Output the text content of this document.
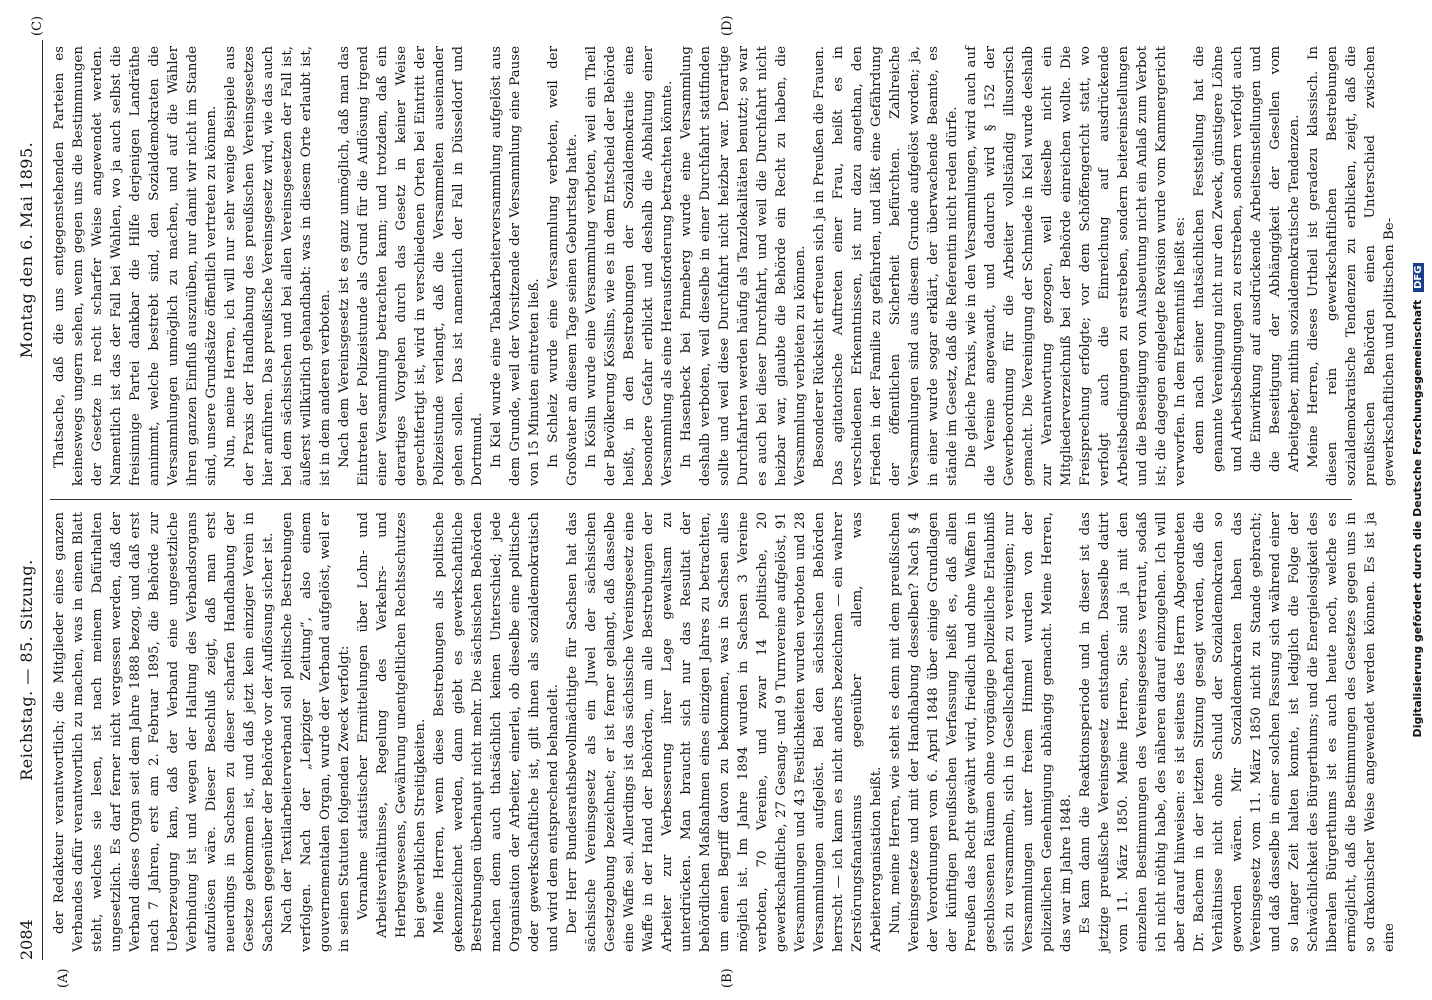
2084
Reichstag. — 85. Sitzung.
Montag den 6. Mai 1895.
(A)	(B)
(C)	(D)

der Redakteur verantwortlich; die Mitglieder eines ganzen Verbandes dafür verantwortlich zu machen, was in einem Blatt steht, welches sie lesen, ist nach meinem Dafürhalten ungesetzlich. Es darf ferner nicht vergessen werden, daß der Verband dieses Organ seit dem Jahre 1888 bezog, und daß erst nach 7 Jahren, erst am 2. Februar 1895, die Behörde zur Ueberzeugung kam, daß der Verband eine ungesetzliche Verbindung ist und wegen der Haltung des Verbandsorgans aufzulösen wäre. Dieser Beschluß zeigt, daß man erst neuerdings in Sachsen zu dieser scharfen Handhabung der Gesetze gekommen ist, und daß jetzt kein einziger Verein in Sachsen gegenüber der Behörde vor der Auflösung sicher ist. Nach der Textilarbeiterverband soll politische Bestrebungen verfolgen. Nach der „Leipziger Zeitung“, also einem gouvernementalen Organ, wurde der Verband aufgelöst, weil er in seinen Statuten folgenden Zweck verfolgt: Vornahme statistischer Ermittelungen über Lohn- und Arbeitsverhältnisse, Regelung des Verkehrs- und Herbergswesens, Gewährung unentgeltlichen Rechtsschutzes bei gewerblichen Streitigkeiten. Meine Herren, wenn diese Bestrebungen als politische gekennzeichnet werden, dann giebt es gewerkschaftliche Bestrebungen überhaupt nicht mehr. Die sächsischen Behörden machen denn auch thatsächlich keinen Unterschied; jede Organisation der Arbeiter, einerlei, ob dieselbe eine politische oder gewerkschaftliche ist, gilt ihnen als sozialdemokratisch und wird dem entsprechend behandelt. Der Herr Bundesrathsbevollmächtigte für Sachsen hat das sächsische Vereinsgesetz als ein Juwel der sächsischen Gesetzgebung bezeichnet; er ist ferner gelangt, daß dasselbe eine Waffe sei. Allerdings ist das sächsische Vereinsgesetz eine Waffe in der Hand der Behörden, um alle Bestrebungen der Arbeiter zur Verbesserung ihrer Lage gewaltsam zu unterdrücken. Man braucht sich nur das Resultat der behördlichen Maßnahmen eines einzigen Jahres zu betrachten, um einen Begriff davon zu bekommen, was in Sachsen alles möglich ist. Im Jahre 1894 wurden in Sachsen 3 Vereine verboten, 70 Vereine, und zwar 14 politische, 20 gewerkschaftliche, 27 Gesang- und 9 Turnvereine aufgelöst, 91 Versammlungen und 43 Festlichkeiten wurden verboten und 28 Versammlungen aufgelöst. Bei den sächsischen Behörden herrscht — ich kann es nicht anders bezeichnen — ein wahrer Zerstörungsfanatismus gegenüber allem, was Arbeiterorganisation heißt. Nun, meine Herren, wie steht es denn mit dem preußischen Vereinsgesetze und mit der Handhabung desselben? Nach § 4 der Verordnungen vom 6. April 1848 über einige Grundlagen der künftigen preußischen Verfassung heißt es, daß allen Preußen das Recht gewährt wird, friedlich und ohne Waffen in geschlossenen Räumen ohne vorgängige polizeiliche Erlaubniß sich zu versammeln, sich in Gesellschaften zu vereinigen; nur Versammlungen unter freiem Himmel wurden von der polizeilichen Genehmigung abhängig gemacht. Meine Herren, das war im Jahre 1848. Es kam dann die Reaktionsperiode und in dieser ist das jetzige preußische Vereinsgesetz entstanden. Dasselbe datirt vom 11. März 1850. Meine Herren, Sie sind ja mit den einzelnen Bestimmungen des Vereinsgesetzes vertraut, sodaß ich nicht nöthig habe, des näheren darauf einzugehen. Ich will aber darauf hinweisen: es ist seitens des Herrn Abgeordneten Dr. Bachem in der letzten Sitzung gesagt worden, daß die Verhältnisse nicht ohne Schuld der Sozialdemokraten so geworden wären. Mir Sozialdemokraten haben das Vereinsgesetz vom 11. März 1850 nicht zu Stande gebracht; und daß dasselbe in einer solchen Fassung sich während einer so langer Zeit halten konnte, ist lediglich die Folge der Schwächlichkeit des Bürgerthums; und die Energielosigkeit des liberalen Bürgerthums ist es auch heute noch, welche es ermöglicht, daß die Bestimmungen des Gesetzes gegen uns in so drakonischer Weise angewendet werden können. Es ist ja eine

Thatsache, daß die uns entgegenstehenden Parteien es keineswegs ungern sehen, wenn gegen uns die Bestimmungen der Gesetze in recht scharfer Weise angewendet werden. Namentlich ist das der Fall bei Wahlen, wo ja auch selbst die freisinnige Partei dankbar die Hilfe derjenigen Landräthe annimmt, welche bestrebt sind, den Sozialdemokraten die Versammlungen unmöglich zu machen, und auf die Wähler ihren ganzen Einfluß auszuüben, nur damit wir nicht im Stande sind, unsere Grundsätze öffentlich vertreten zu können. Nun, meine Herren, ich will nur sehr wenige Beispiele aus der Praxis der Handhabung des preußischen Vereinsgesetzes hier anführen. Das preußische Vereinsgesetz wird, wie das auch bei dem sächsischen und bei allen Vereinsgesetzen der Fall ist, äußerst willkürlich gehandhabt: was in diesem Orte erlaubt ist, ist in dem anderen verboten. Nach dem Vereinsgesetz ist es ganz unmöglich, daß man das Eintreten der Polizeistunde als Grund für die Auflösung irgend einer Versammlung betrachten kann; und trotzdem, daß ein derartiges Vorgehen durch das Gesetz in keiner Weise gerechtfertigt ist, wird in verschiedenen Orten bei Eintritt der Polizeistunde verlangt, daß die Versammelten auseinander gehen sollen. Das ist namentlich der Fall in Düsseldorf und Dortmund. In Kiel wurde eine Tabakarbeiterversammlung aufgelöst aus dem Grunde, weil der Vorsitzende der Versammlung eine Pause von 15 Minuten eintreten ließ. In Schleiz wurde eine Versammlung verboten, weil der Großvater an diesem Tage seinen Geburtstag hatte. In Köslin wurde eine Versammlung verboten, weil ein Theil der Bevölkerung Kösslins, wie es in dem Entscheid der Behörde heißt, in den Bestrebungen der Sozialdemokratie eine besondere Gefahr erblickt und deshalb die Abhaltung einer Versammlung als eine Herausforderung betrachten könnte. In Hasenbeck bei Pinneberg wurde eine Versammlung deshalb verboten, weil dieselbe in einer Durchfahrt stattfinden sollte und weil diese Durchfahrt nicht heizbar war. Derartige Durchfahrten werden häufig als Tanzlokalitäten benutzt; so war es auch bei dieser Durchfahrt, und weil die Durchfahrt nicht heizbar war, glaubte die Behörde ein Recht zu haben, die Versammlung verbieten zu können. Besonderer Rücksicht erfreuen sich ja in Preußen die Frauen. Das agitatorische Auftreten einer Frau, heißt es in verschiedenen Erkenntnissen, ist nur dazu angethan, den Frieden in der Familie zu gefährden, und läßt eine Gefährdung der öffentlichen Sicherheit befürchten. Zahlreiche Versammlungen sind aus diesem Grunde aufgelöst worden; ja, in einer wurde sogar erklärt, der überwachende Beamte, es stände im Gesetz, daß die Referentin nicht reden dürfe. Die gleiche Praxis, wie in den Versammlungen, wird auch auf die Vereine angewandt, und dadurch wird § 152 der Gewerbeordnung für die Arbeiter vollständig illusorisch gemacht. Die Vereinigung der Schmiede in Kiel wurde deshalb zur Verantwortung gezogen, weil dieselbe nicht ein Mitgliederverzeichniß bei der Behörde einreichen wollte. Die Freisprechung erfolgte; vor dem Schöffengericht statt, wo verfolgt auch die Einreichung auf ausdrückende Arbeitsbedingungen zu erstreben, sondern beitereinstellungen und die Beseitigung von Ausbeutung nicht ein Anlaß zum Verbot ist; die dagegen eingelegte Revision wurde vom Kammergericht verworfen. In dem Erkenntniß heißt es: denn nach seiner thatsächlichen Feststellung hat die genannte Vereinigung nicht nur den Zweck, günstigere Löhne und Arbeitsbedingungen zu erstreben, sondern verfolgt auch die Einwirkung auf ausdrückende Arbeitseinstellungen und die Beseitigung der Abhängigkeit der Gesellen vom Arbeitgeber, mithin sozialdemokratische Tendenzen. Meine Herren, dieses Urtheil ist geradezu klassisch. In diesen rein gewerkschaftlichen Bestrebungen sozialdemokratische Tendenzen zu erblicken, zeigt, daß die preußischen Behörden einen Unterschied zwischen gewerkschaftlichen und politischen Be- Digitalisierung gefördert durch die Deutsche Forschungsgemeinschaft DFG
